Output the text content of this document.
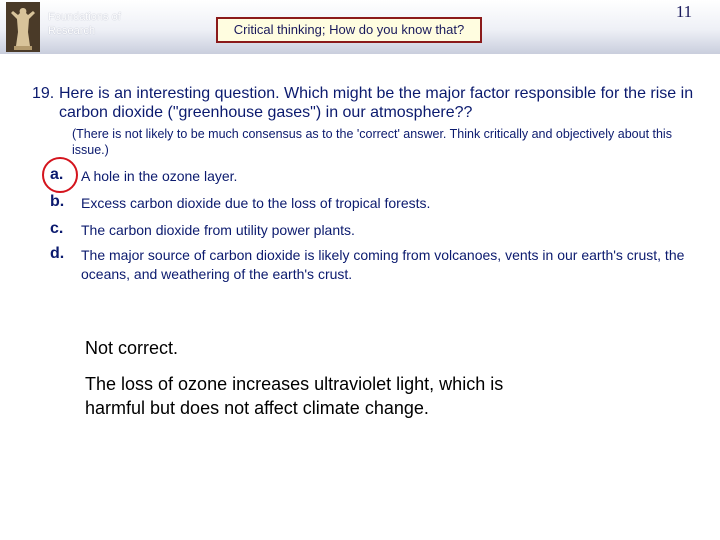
Foundations of Research	Critical thinking; How do you know that?
11
19. Here is an interesting question. Which might be the major factor responsible for the rise in carbon dioxide ("greenhouse gases") in our atmosphere??
(There is not likely to be much consensus as to the 'correct' answer. Think critically and objectively about this issue.)
a.	A hole in the ozone layer.
b.	Excess carbon dioxide due to the loss of tropical forests.
c.	The carbon dioxide from utility power plants.
d.	The major source of carbon dioxide is likely coming from volcanoes, vents in our earth's crust, the oceans, and weathering of the earth's crust.
Not correct.
The loss of ozone increases ultraviolet light, which is harmful but does not affect climate change.
